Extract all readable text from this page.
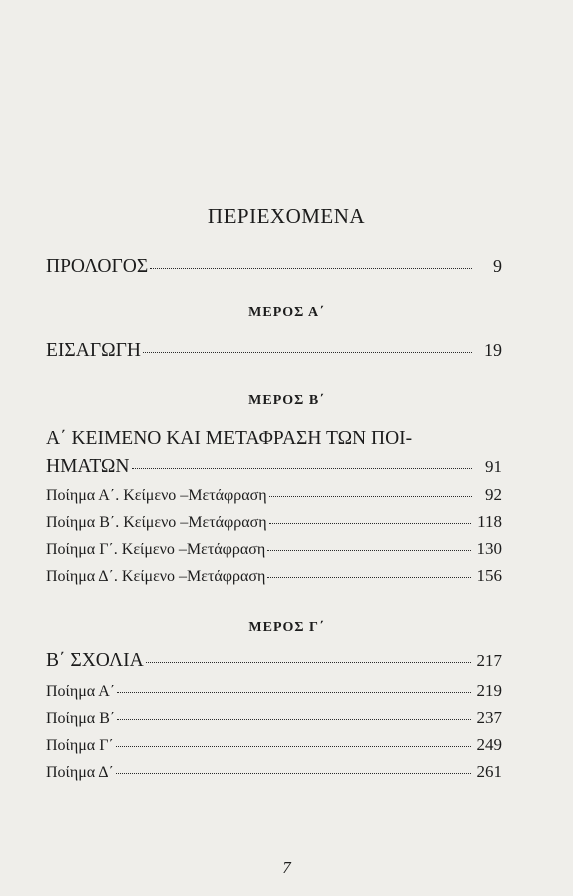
ΠΕΡΙΕΧΟΜΕΝΑ
ΠΡΟΛΟΓΟΣ	9
ΜΕΡΟΣ Α΄
ΕΙΣΑΓΩΓΗ	19
ΜΕΡΟΣ Β΄
Α΄ ΚΕΙΜΕΝΟ ΚΑΙ ΜΕΤΑΦΡΑΣΗ ΤΩΝ ΠΟΙ-
ΗΜΑΤΩΝ	91
Ποίημα Α΄. Κείμενο –Μετάφραση	92
Ποίημα Β΄. Κείμενο –Μετάφραση	118
Ποίημα Γ΄. Κείμενο –Μετάφραση	130
Ποίημα Δ΄. Κείμενο –Μετάφραση	156
ΜΕΡΟΣ Γ΄
Β΄ ΣΧΟΛΙΑ	217
Ποίημα Α΄	219
Ποίημα Β΄	237
Ποίημα Γ΄	249
Ποίημα Δ΄	261
7
